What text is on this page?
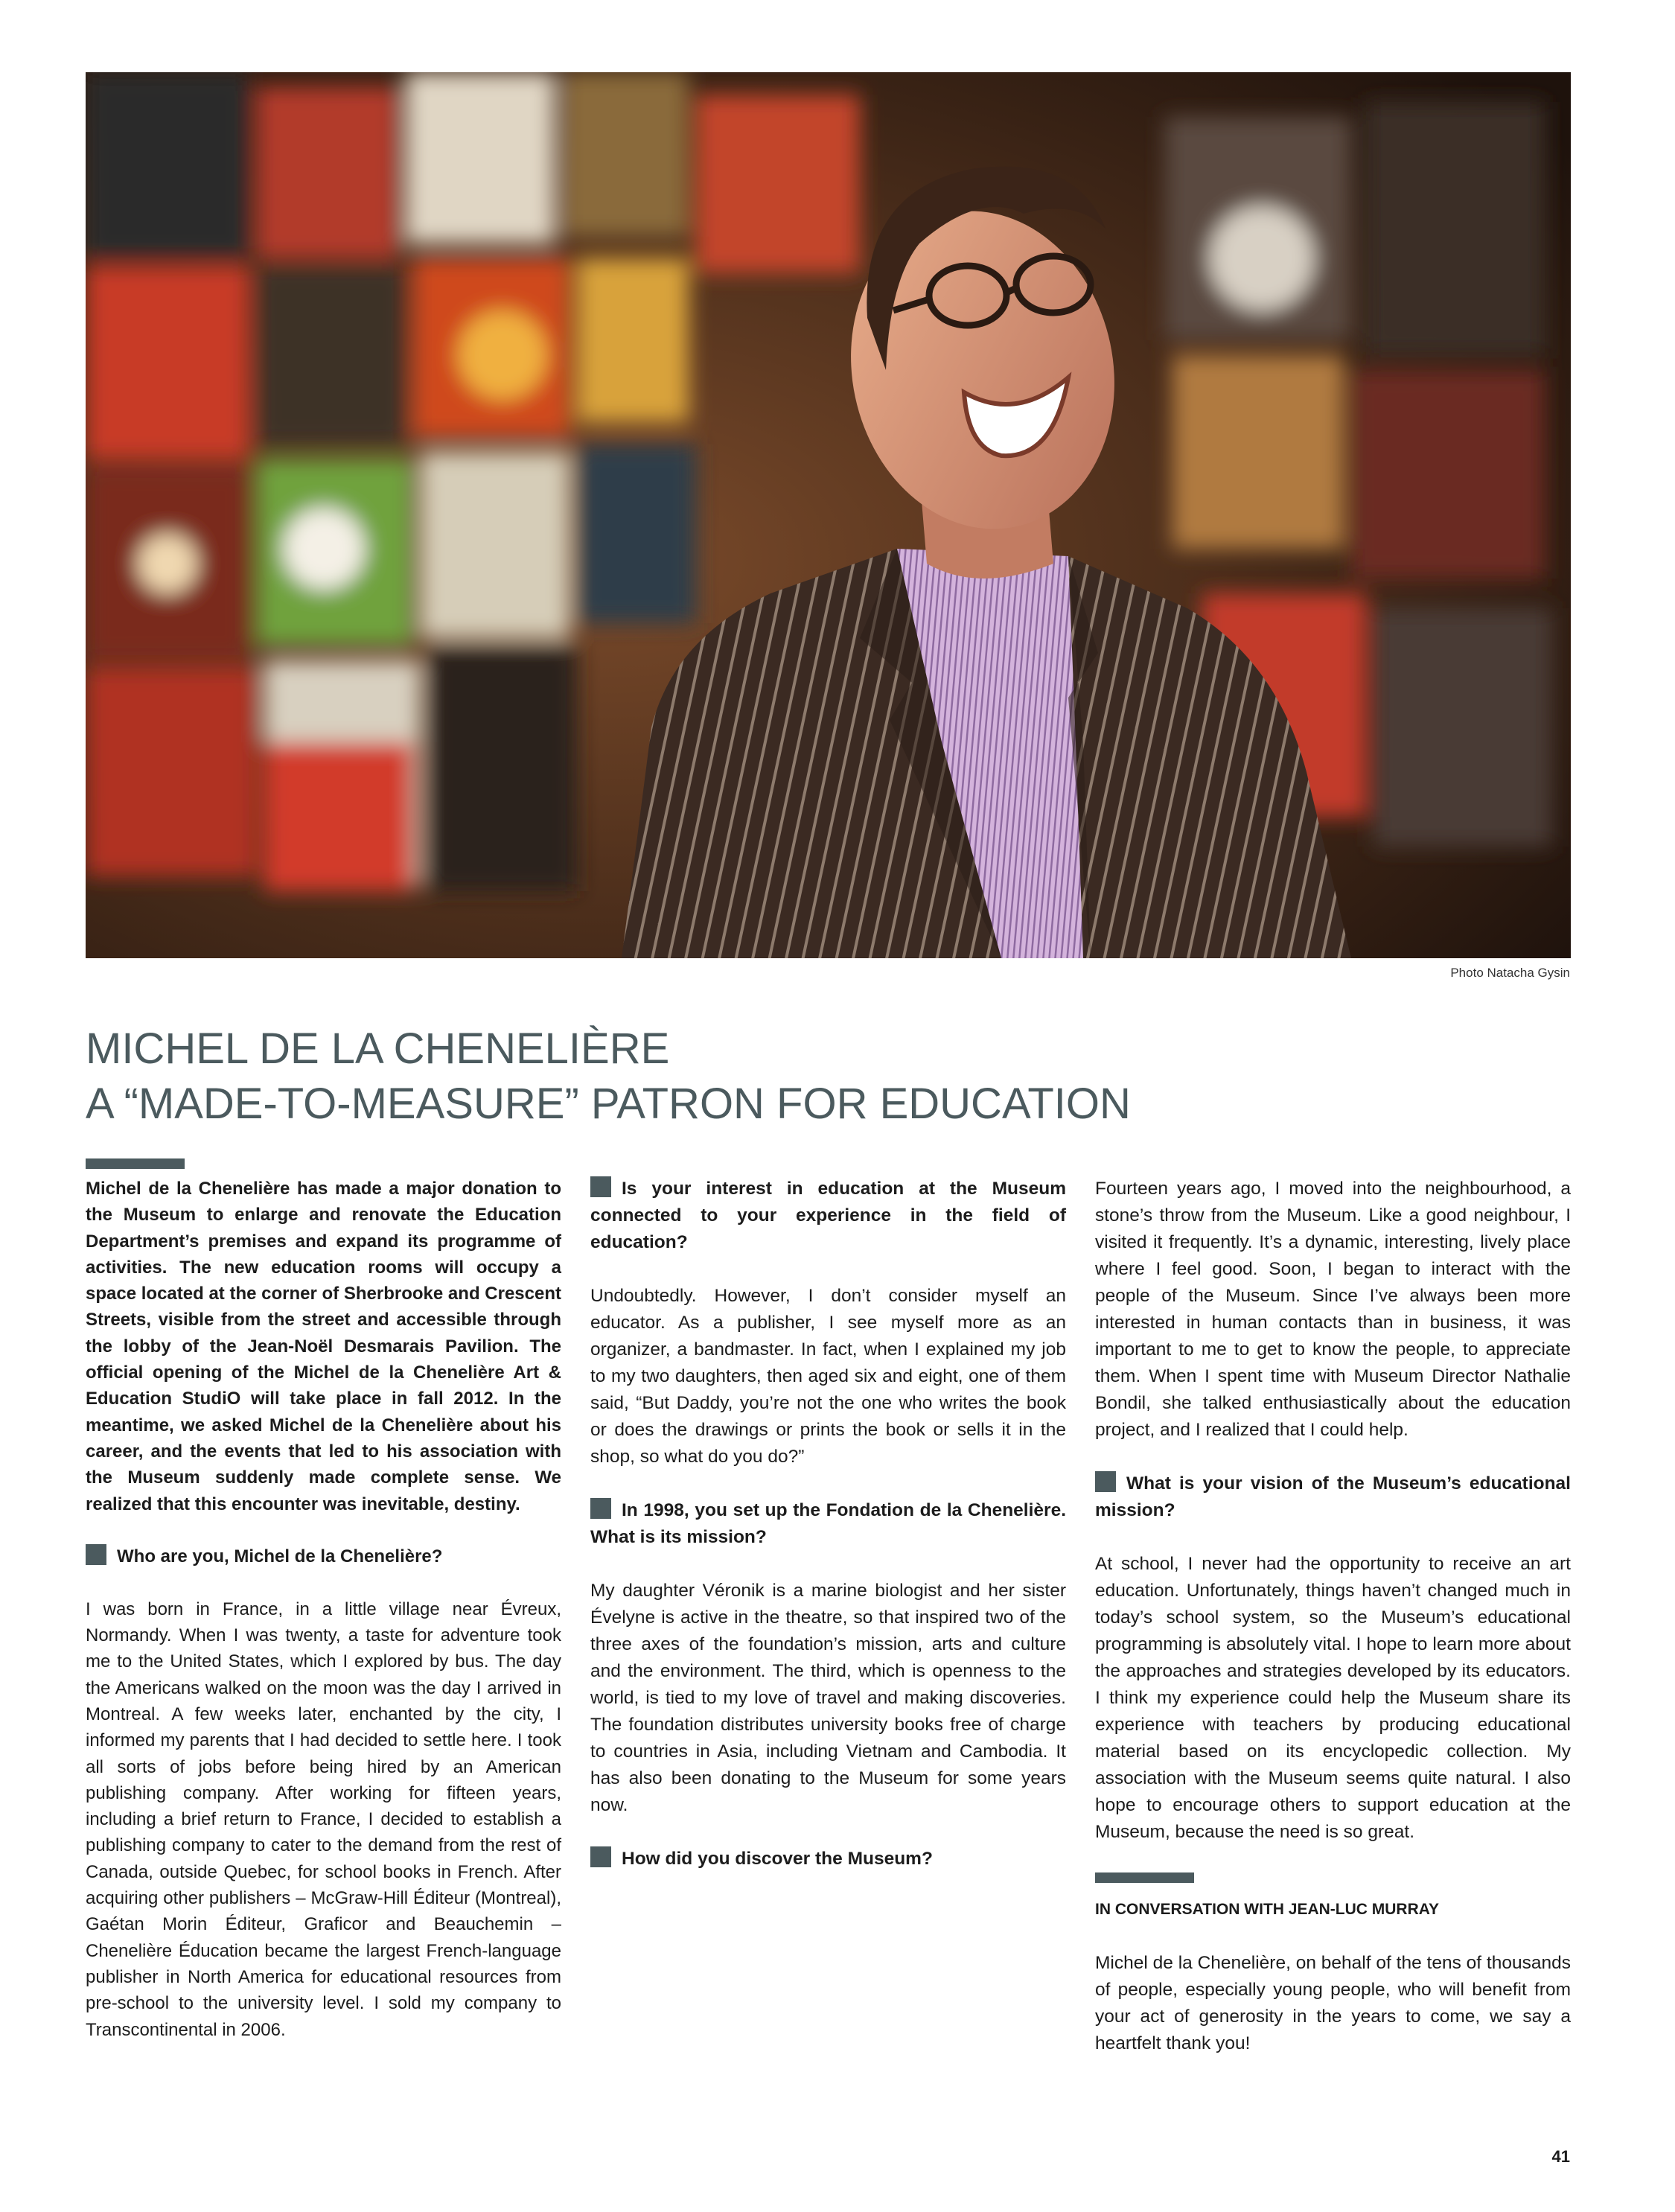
Photo Natacha Gysin
MICHEL DE LA CHENELIÈRE
A “MADE-TO-MEASURE” PATRON FOR EDUCATION

Michel de la Chenelière has made a major donation to the Museum to enlarge and renovate the Education Department’s premises and expand its programme of activities. The new education rooms will occupy a space located at the corner of Sherbrooke and Crescent Streets, visible from the street and accessible through the lobby of the Jean-Noël Desmarais Pavilion. The official opening of the Michel de la Chenelière Art & Education StudiO will take place in fall 2012. In the meantime, we asked Michel de la Chenelière about his career, and the events that led to his association with the Museum suddenly made complete sense. We realized that this encounter was inevitable, destiny.

Who are you, Michel de la Chenelière?

I was born in France, in a little village near Évreux, Normandy. When I was twenty, a taste for adventure took me to the United States, which I explored by bus. The day the Americans walked on the moon was the day I arrived in Montreal. A few weeks later, enchanted by the city, I informed my parents that I had decided to settle here. I took all sorts of jobs before being hired by an American publishing company. After working for fifteen years, including a brief return to France, I decided to establish a publishing company to cater to the demand from the rest of Canada, outside Quebec, for school books in French. After acquiring other publishers – McGraw-Hill Éditeur (Montreal), Gaétan Morin Éditeur, Graficor and Beauchemin – Chenelière Éducation became the largest French-language publisher in North America for educational resources from pre-school to the university level. I sold my company to Transcontinental in 2006.

Is your interest in education at the Museum connected to your experience in the field of education?

Undoubtedly. However, I don’t consider myself an educator. As a publisher, I see myself more as an organizer, a bandmaster. In fact, when I explained my job to my two daughters, then aged six and eight, one of them said, “But Daddy, you’re not the one who writes the book or does the drawings or prints the book or sells it in the shop, so what do you do?”

In 1998, you set up the Fondation de la Chenelière. What is its mission?

My daughter Véronik is a marine biologist and her sister Évelyne is active in the theatre, so that inspired two of the three axes of the foundation’s mission, arts and culture and the environment. The third, which is openness to the world, is tied to my love of travel and making discoveries. The foundation distributes university books free of charge to countries in Asia, including Vietnam and Cambodia. It has also been donating to the Museum for some years now.

How did you discover the Museum?

Fourteen years ago, I moved into the neighbourhood, a stone’s throw from the Museum. Like a good neighbour, I visited it frequently. It’s a dynamic, interesting, lively place where I feel good. Soon, I began to interact with the people of the Museum. Since I’ve always been more interested in human contacts than in business, it was important to me to get to know the people, to appreciate them. When I spent time with Museum Director Nathalie Bondil, she talked enthusiastically about the education project, and I realized that I could help.

What is your vision of the Museum’s educational mission?

At school, I never had the opportunity to receive an art education. Unfortunately, things haven’t changed much in today’s school system, so the Museum’s educational programming is absolutely vital. I hope to learn more about the approaches and strategies developed by its educators. I think my experience could help the Museum share its experience with teachers by producing educational material based on its encyclopedic collection. My association with the Museum seems quite natural. I also hope to encourage others to support education at the Museum, because the need is so great.

IN CONVERSATION WITH JEAN-LUC MURRAY

Michel de la Chenelière, on behalf of the tens of thousands of people, especially young people, who will benefit from your act of generosity in the years to come, we say a heartfelt thank you!

41
